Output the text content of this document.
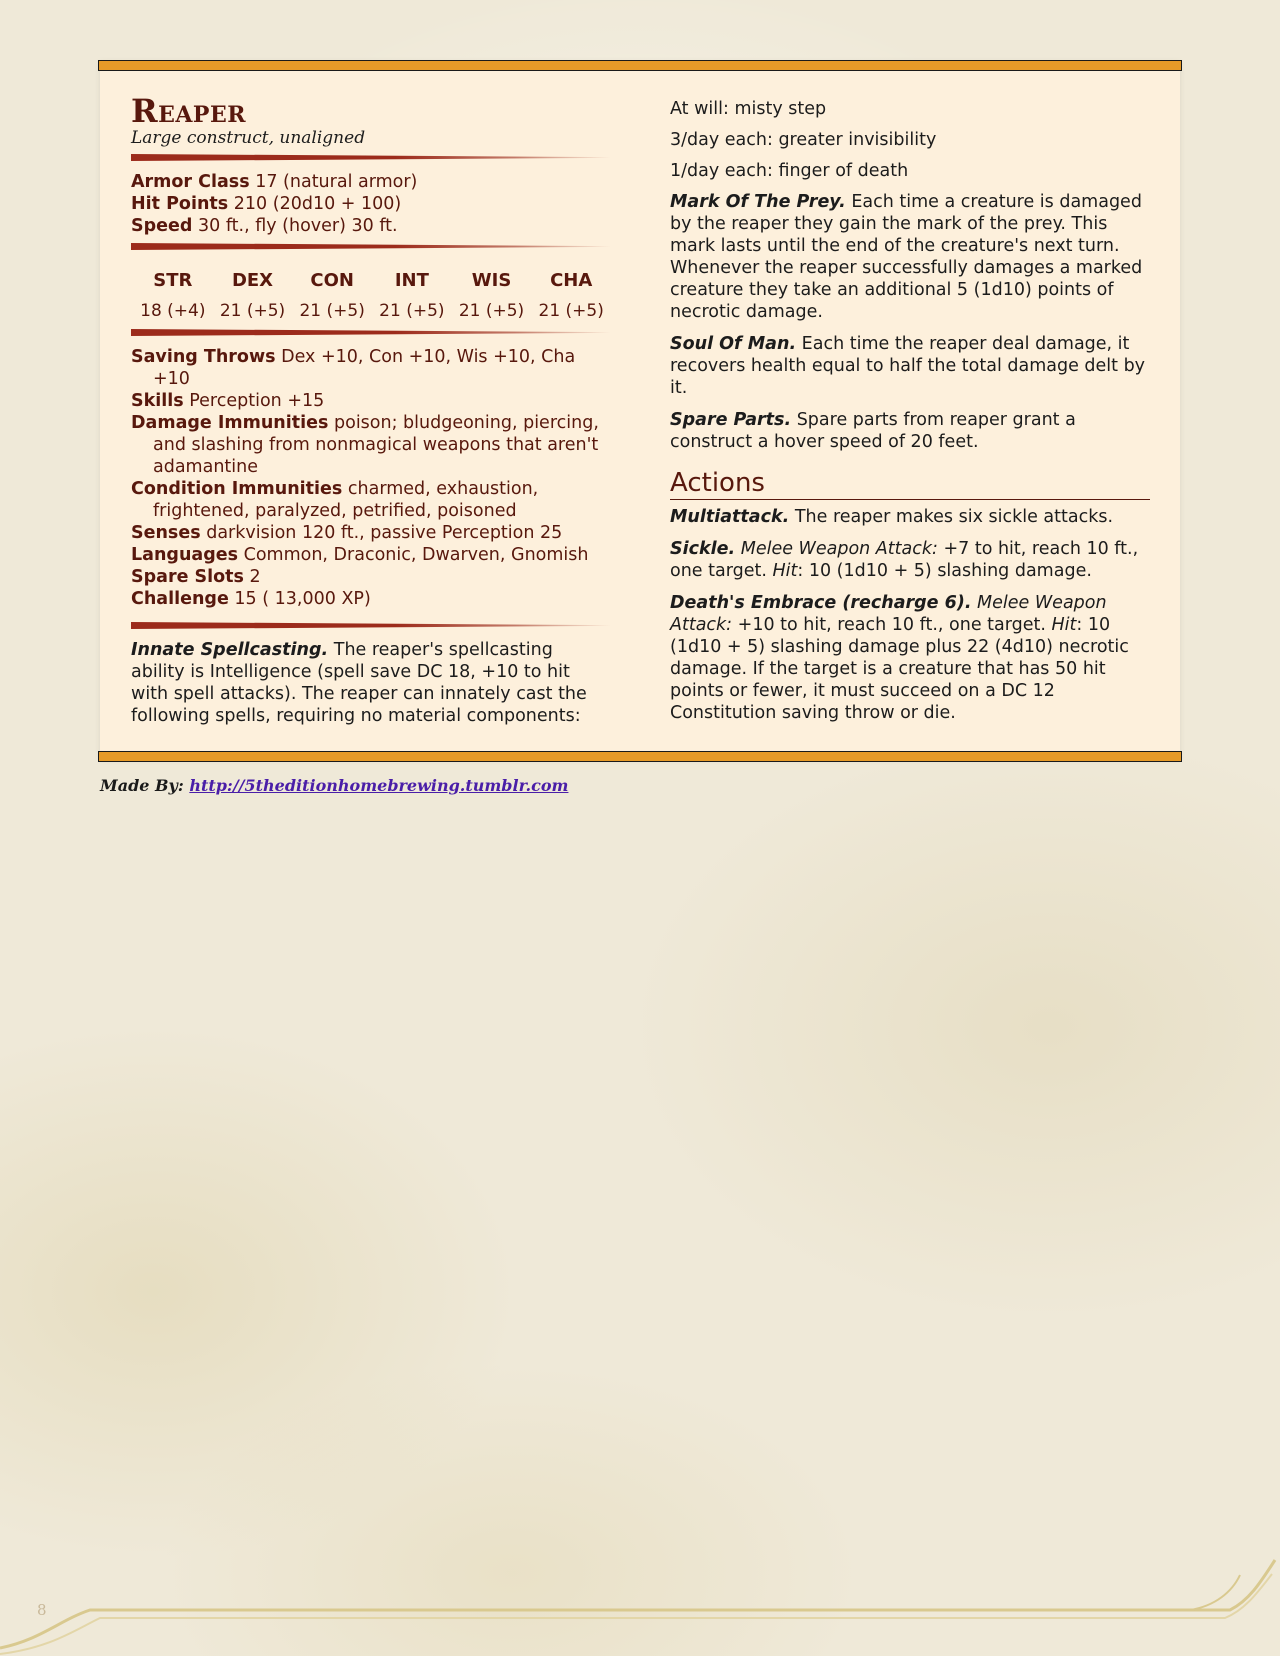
Reaper

Large construct, unaligned

Armor Class 17 (natural armor)
Hit Points 210 (20d10 + 100)
Speed 30 ft., fly (hover) 30 ft.
STR
18 (+4)
DEX
21 (+5)
CON
21 (+5)
INT
21 (+5)
WIS
21 (+5)
CHA
21 (+5)
Saving Throws Dex +10, Con +10, Wis +10, Cha +10
Skills Perception +15
Damage Immunities poison; bludgeoning, piercing, and slashing from nonmagical weapons that aren't adamantine
Condition Immunities charmed, exhaustion, frightened, paralyzed, petrified, poisoned
Senses darkvision 120 ft., passive Perception 25
Languages Common, Draconic, Dwarven, Gnomish
Spare Slots 2
Challenge 15 ( 13,000 XP)

Innate Spellcasting. The reaper's spellcasting ability is Intelligence (spell save DC 18, +10 to hit with spell attacks). The reaper can innately cast the following spells, requiring no material components:

At will: misty step

3/day each: greater invisibility

1/day each: finger of death

Mark Of The Prey. Each time a creature is damaged by the reaper they gain the mark of the prey. This mark lasts until the end of the creature's next turn. Whenever the reaper successfully damages a marked creature they take an additional 5 (1d10) points of necrotic damage.

Soul Of Man. Each time the reaper deal damage, it recovers health equal to half the total damage delt by it.

Spare Parts. Spare parts from reaper grant a construct a hover speed of 20 feet.

Actions

Multiattack. The reaper makes six sickle attacks.

Sickle. Melee Weapon Attack: +7 to hit, reach 10 ft., one target. Hit: 10 (1d10 + 5) slashing damage.

Death's Embrace (recharge 6). Melee Weapon Attack: +10 to hit, reach 10 ft., one target. Hit: 10 (1d10 + 5) slashing damage plus 22 (4d10) necrotic damage. If the target is a creature that has 50 hit points or fewer, it must succeed on a DC 12 Constitution saving throw or die.

Made By: http://5theditionhomebrewing.tumblr.com
8
